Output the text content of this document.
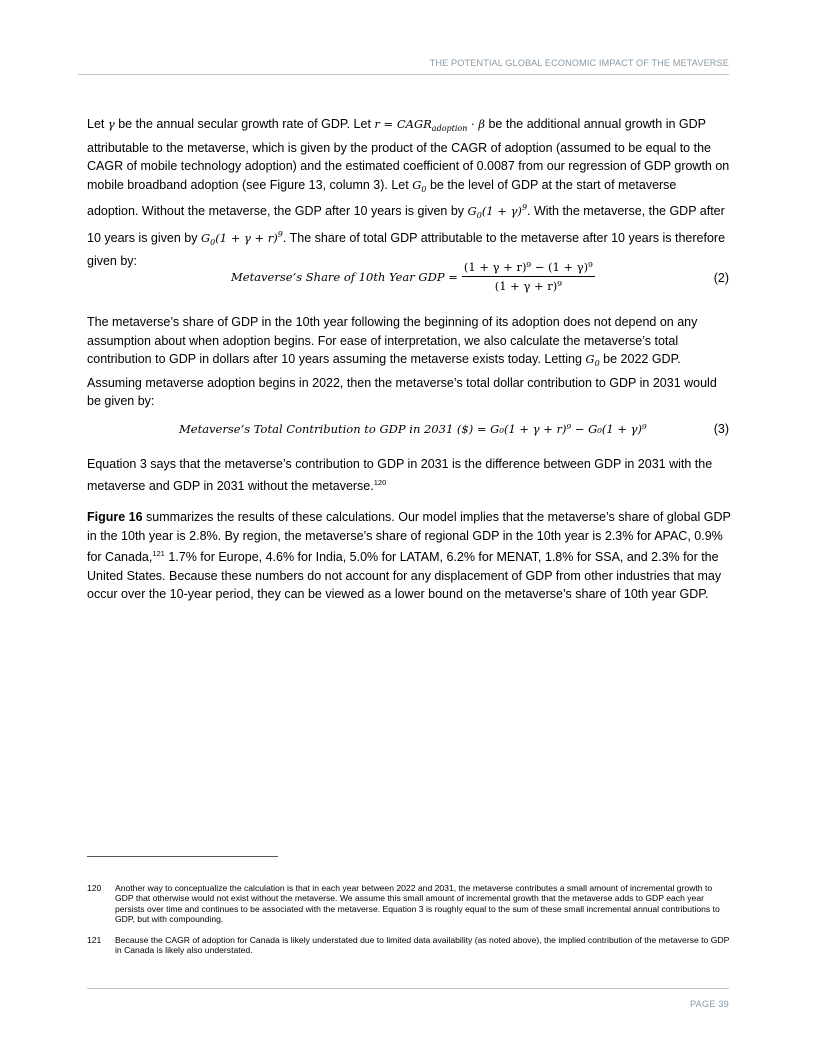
THE POTENTIAL GLOBAL ECONOMIC IMPACT OF THE METAVERSE

Let γ be the annual secular growth rate of GDP. Let $r = CAGR_{adoption} \cdot \beta$ be the additional annual growth in GDP attributable to the metaverse, which is given by the product of the CAGR of adoption (assumed to be equal to the CAGR of mobile technology adoption) and the estimated coefficient of 0.0087 from our regression of GDP growth on mobile broadband adoption (see Figure 13, column 3). Let $G_0$ be the level of GDP at the start of metaverse adoption. Without the metaverse, the GDP after 10 years is given by $G_0(1 + \gamma)^9$. With the metaverse, the GDP after 10 years is given by $G_0(1 + \gamma + r)^9$. The share of total GDP attributable to the metaverse after 10 years is therefore given by:

Metaverse’s Share of 10th Year GDP = $\frac{\text{(1 + γ + r)⁹ − (1 + γ)⁹}}{\text{(1 + γ + r)⁹}}$	(2)

The metaverse’s share of GDP in the 10th year following the beginning of its adoption does not depend on any assumption about when adoption begins. For ease of interpretation, we also calculate the metaverse’s total contribution to GDP in dollars after 10 years assuming the metaverse exists today. Letting $G_0$ be 2022 GDP. Assuming metaverse adoption begins in 2022, then the metaverse’s total dollar contribution to GDP in 2031 would be given by:

Metaverse’s Total Contribution to GDP in 2031 ($) = G₀(1 + γ + r)⁹ − G₀(1 + γ)⁹	(3)

Equation 3 says that the metaverse’s contribution to GDP in 2031 is the difference between GDP in 2031 with the metaverse and GDP in 2031 without the metaverse.$^{120}$

Figure 16 summarizes the results of these calculations. Our model implies that the metaverse’s share of global GDP in the 10th year is 2.8%. By region, the metaverse’s share of regional GDP in the 10th year is 2.3% for APAC, 0.9% for Canada,$^{121}$ 1.7% for Europe, 4.6% for India, 5.0% for LATAM, 6.2% for MENAT, 1.8% for SSA, and 2.3% for the United States. Because these numbers do not account for any displacement of GDP from other industries that may occur over the 10-year period, they can be viewed as a lower bound on the metaverse’s share of 10th year GDP.

120	Another way to conceptualize the calculation is that in each year between 2022 and 2031, the metaverse contributes a small amount of incremental growth to GDP that otherwise would not exist without the metaverse. We assume this small amount of incremental growth that the metaverse adds to GDP each year persists over time and continues to be associated with the metaverse. Equation 3 is roughly equal to the sum of these small incremental annual contributions to GDP, but with compounding.
121	Because the CAGR of adoption for Canada is likely understated due to limited data availability (as noted above), the implied contribution of the metaverse to GDP in Canada is likely also understated.
PAGE 39
